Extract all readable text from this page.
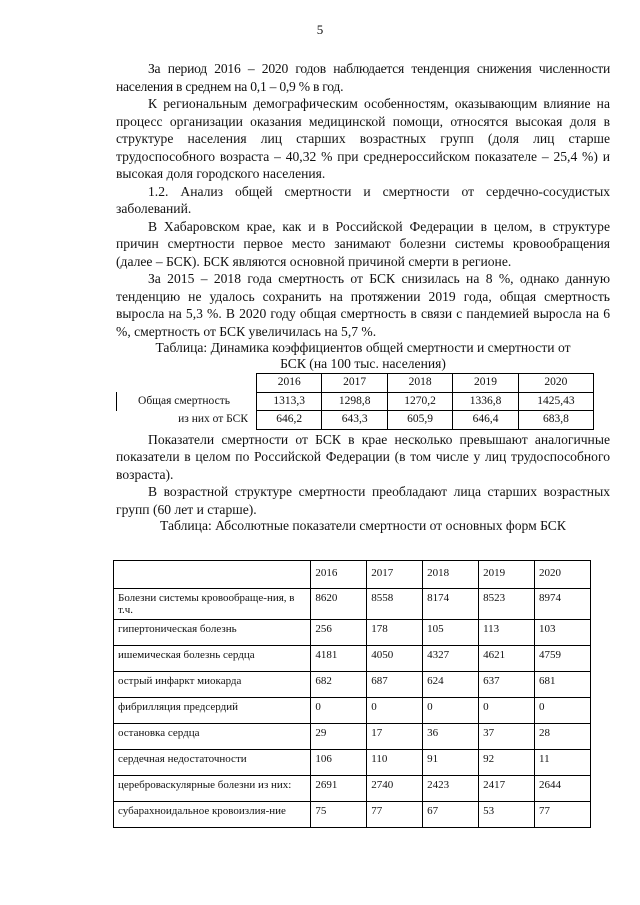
5

За период 2016 – 2020 годов наблюдается тенденция снижения численности населения в среднем на 0,1 – 0,9 % в год.

К региональным демографическим особенностям, оказывающим влияние на процесс организации оказания медицинской помощи, относятся высокая доля в структуре населения лиц старших возрастных групп (доля лиц старше трудоспособного возраста – 40,32 % при среднероссийском показателе – 25,4 %) и высокая доля городского населения.

1.2. Анализ общей смертности и смертности от сердечно-сосудистых заболеваний.

В Хабаровском крае, как и в Российской Федерации в целом, в структуре причин смертности первое место занимают болезни системы кровообращения (далее – БСК). БСК являются основной причиной смерти в регионе.

За 2015 – 2018 года смертность от БСК снизилась на 8 %, однако данную тенденцию не удалось сохранить на протяжении 2019 года, общая смертность выросла на 5,3 %. В 2020 году общая смертность в связи с пандемией выросла на 6 %, смертность от БСК увеличилась на 5,7 %.

Таблица: Динамика коэффициентов общей смертности и смертности от
БСК (на 100 тыс. населения)
	2016	2017	2018	2019	2020
Общая смертность	1313,3	1298,8	1270,2	1336,8	1425,43
из них от БСК	646,2	643,3	605,9	646,4	683,8

Показатели смертности от БСК в крае несколько превышают аналогичные показатели в целом по Российской Федерации (в том числе у лиц трудоспособного возраста).

В возрастной структуре смертности преобладают лица старших возрастных групп (60 лет и старше).

Таблица: Абсолютные показатели смертности от основных форм БСК
	2016	2017	2018	2019	2020
Болезни системы кровообраще-ния, в т.ч.	8620	8558	8174	8523	8974
гипертоническая болезнь	256	178	105	113	103
ишемическая болезнь сердца	4181	4050	4327	4621	4759
острый инфаркт миокарда	682	687	624	637	681
фибрилляция предсердий	0	0	0	0	0
остановка сердца	29	17	36	37	28
сердечная недостаточности	106	110	91	92	11
цереброваскулярные болезни из них:	2691	2740	2423	2417	2644
субарахноидальное кровоизлия-ние	75	77	67	53	77
